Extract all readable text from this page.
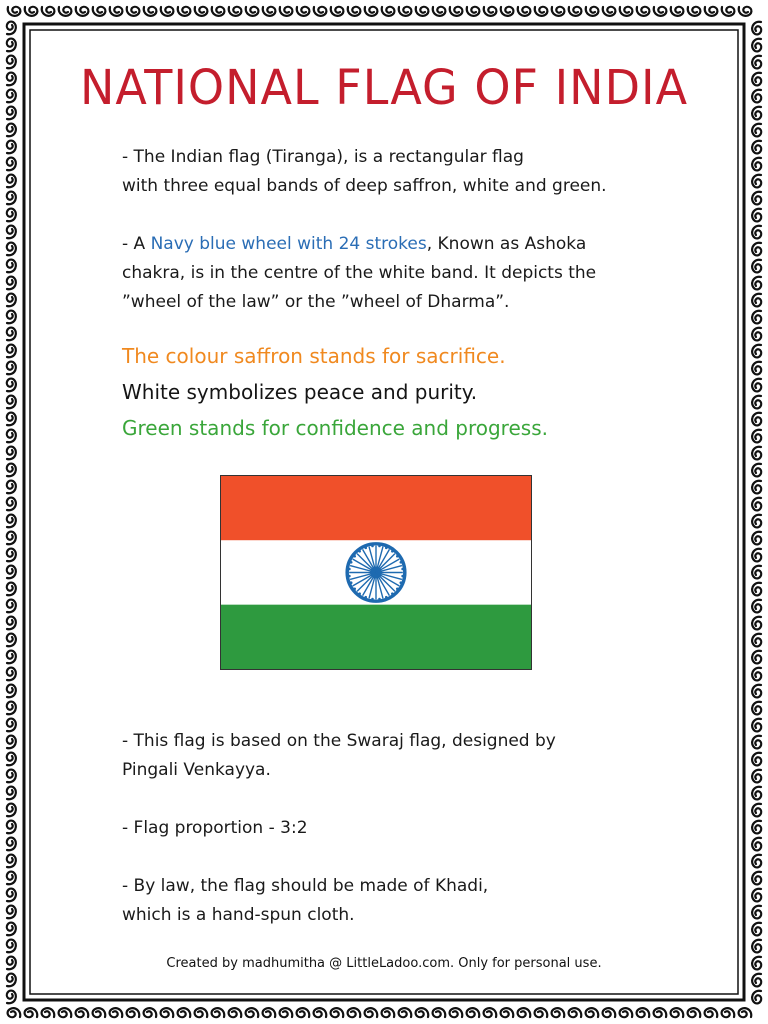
NATIONAL FLAG OF INDIA
- The Indian flag (Tiranga), is a rectangular flag
with three equal bands of deep saffron, white and green.
- A Navy blue wheel with 24 strokes, Known as Ashoka
chakra, is in the centre of the white band. It depicts the
”wheel of the law” or the ”wheel of Dharma”.
The colour saffron stands for sacrifice.
White symbolizes peace and purity.
Green stands for confidence and progress.
- This flag is based on the Swaraj flag, designed by
Pingali Venkayya.
- Flag proportion - 3:2
- By law, the flag should be made of Khadi,
which is a hand-spun cloth.
Created by madhumitha @ LittleLadoo.com. Only for personal use.
